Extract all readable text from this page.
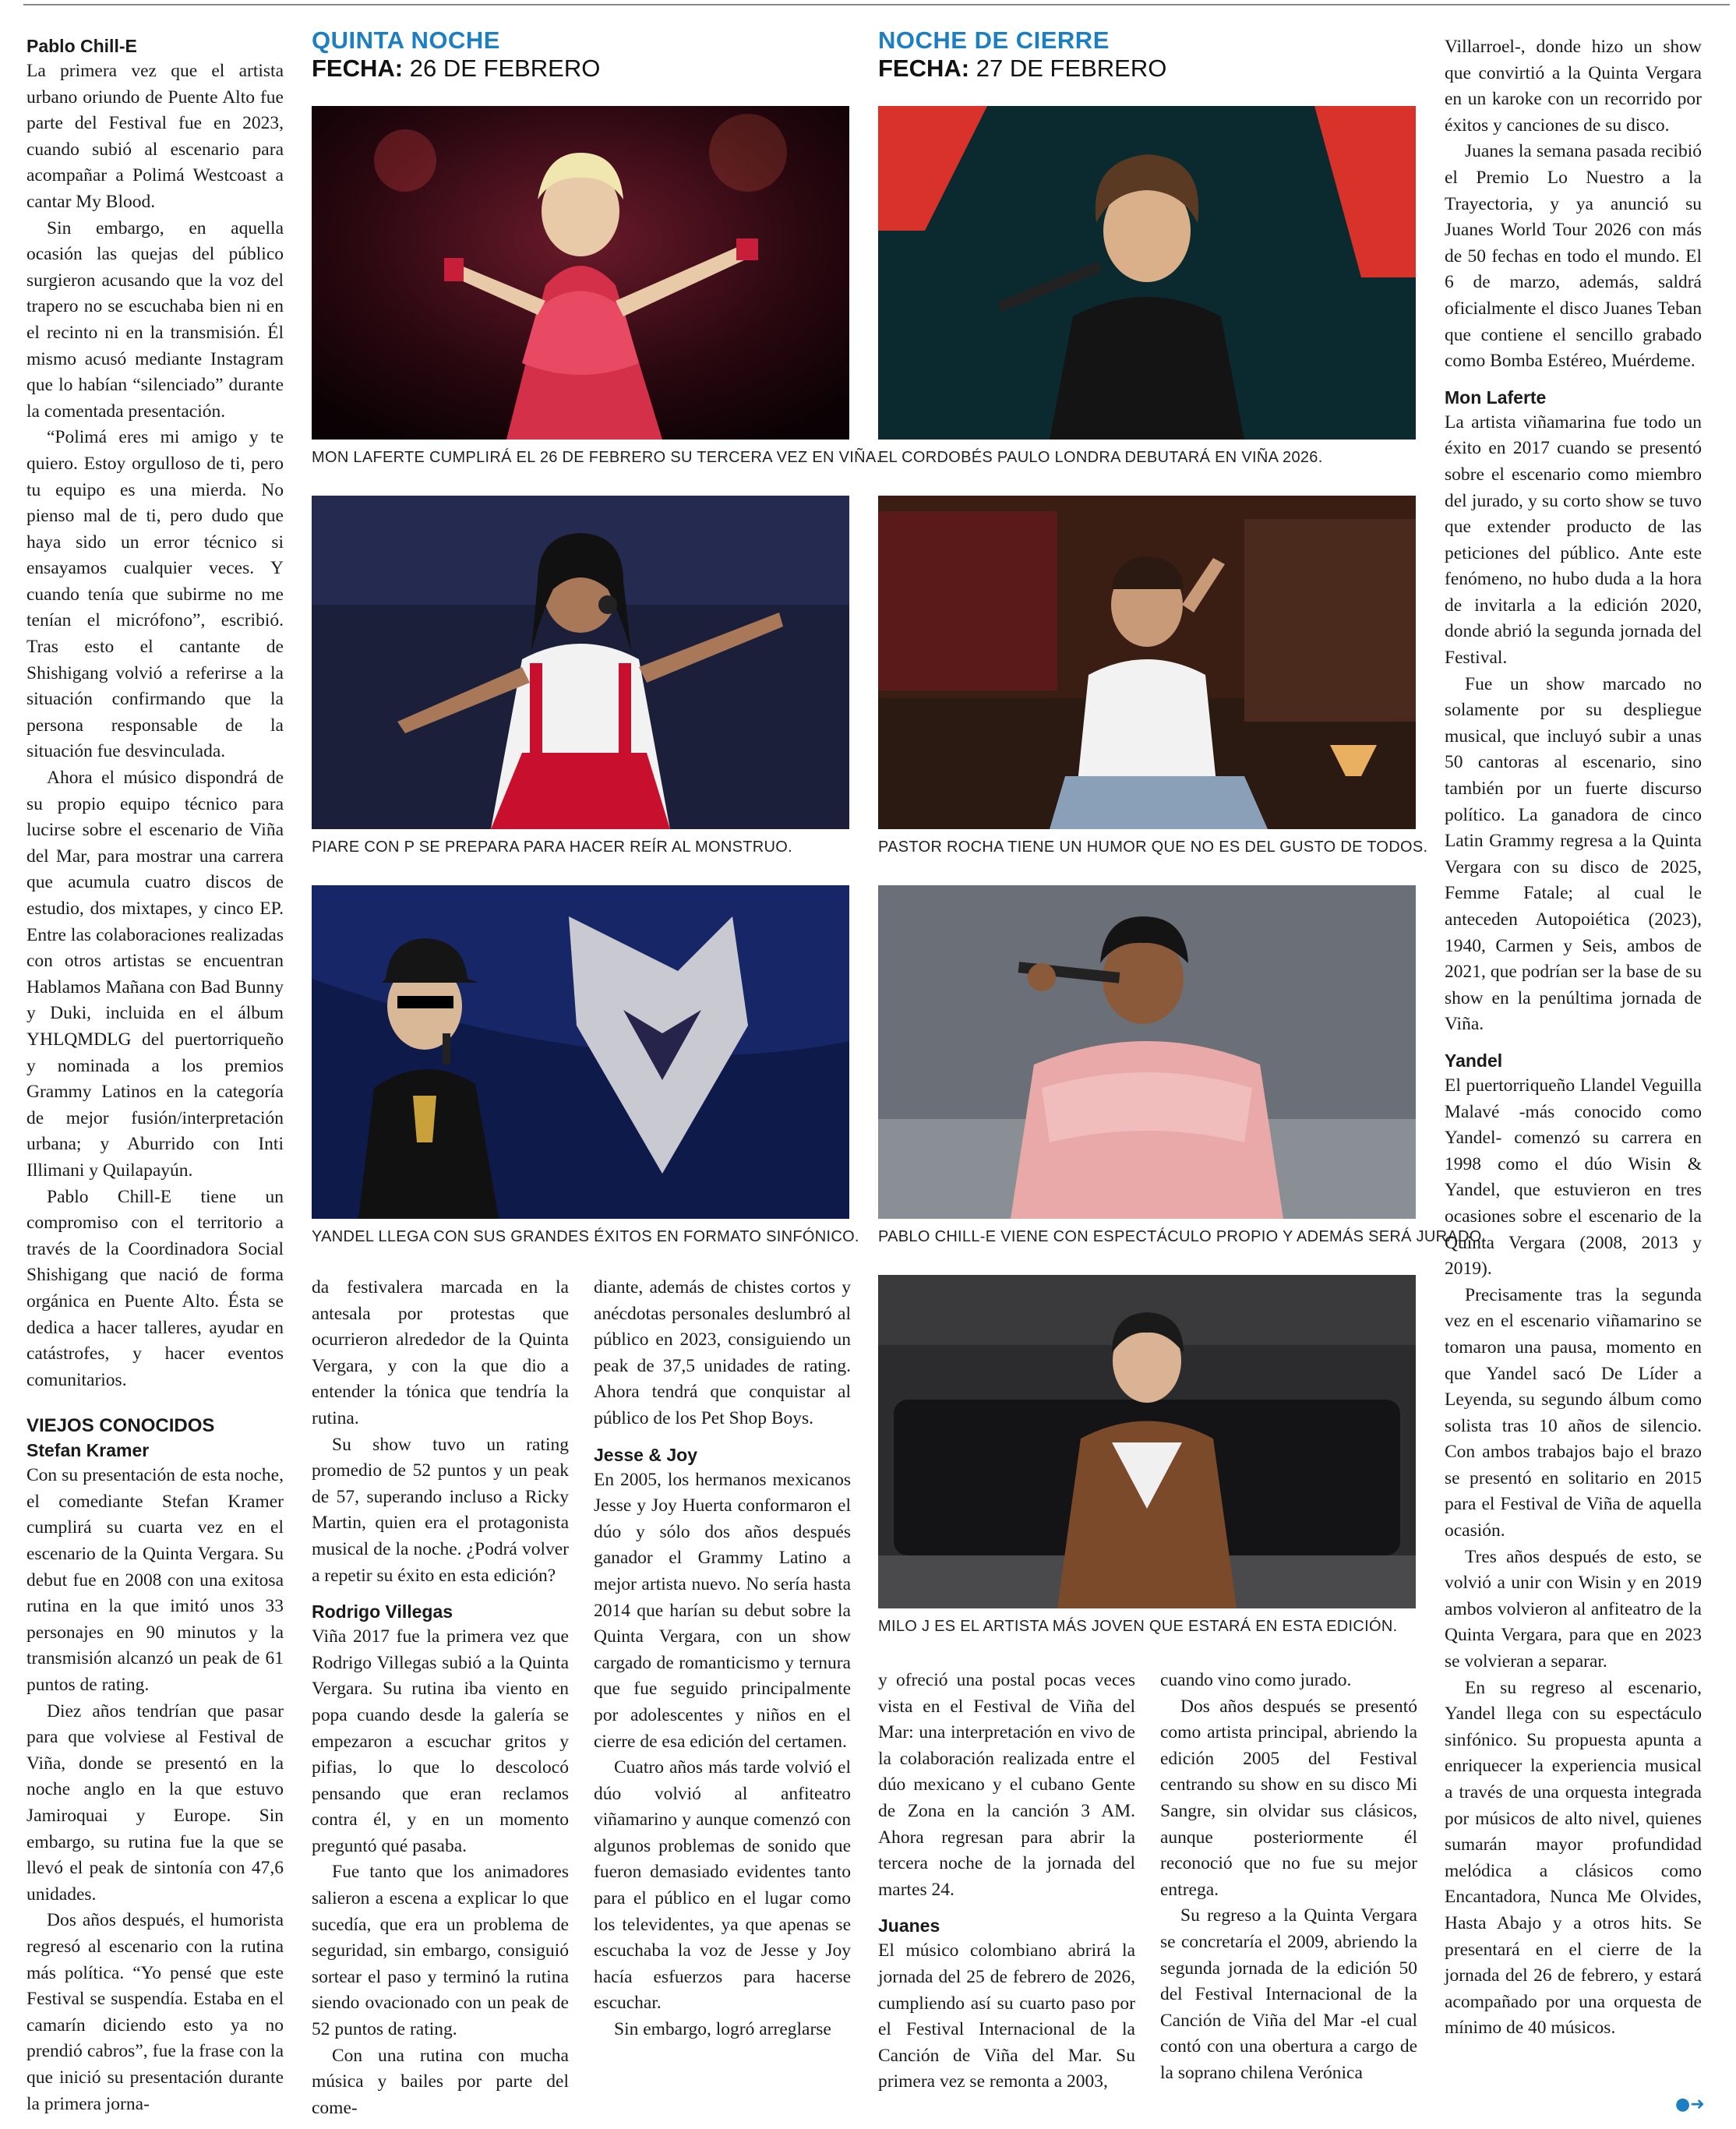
Pablo Chill-E

La primera vez que el artista urbano oriundo de Puente Alto fue parte del Festival fue en 2023, cuando subió al escenario para acompañar a Polimá Westcoast a cantar My Blood.

Sin embargo, en aquella ocasión las quejas del público surgieron acusando que la voz del trapero no se escuchaba bien ni en el recinto ni en la transmisión. Él mismo acusó mediante Instagram que lo habían “silenciado” durante la comentada presentación.

“Polimá eres mi amigo y te quiero. Estoy orgulloso de ti, pero tu equipo es una mierda. No pienso mal de ti, pero dudo que haya sido un error técnico si ensayamos cualquier veces. Y cuando tenía que subirme no me tenían el micrófono”, escribió. Tras esto el cantante de Shishigang volvió a referirse a la situación confirmando que la persona responsable de la situación fue desvinculada.

Ahora el músico dispondrá de su propio equipo técnico para lucirse sobre el escenario de Viña del Mar, para mostrar una carrera que acumula cuatro discos de estudio, dos mixtapes, y cinco EP. Entre las colaboraciones realizadas con otros artistas se encuentran Hablamos Mañana con Bad Bunny y Duki, incluida en el álbum YHLQMDLG del puertorriqueño y nominada a los premios Grammy Latinos en la categoría de mejor fusión/interpretación urbana; y Aburrido con Inti Illimani y Quilapayún.

Pablo Chill-E tiene un compromiso con el territorio a través de la Coordinadora Social Shishigang que nació de forma orgánica en Puente Alto. Ésta se dedica a hacer talleres, ayudar en catástrofes, y hacer eventos comunitarios.

VIEJOS CONOCIDOS
Stefan Kramer

Con su presentación de esta noche, el comediante Stefan Kramer cumplirá su cuarta vez en el escenario de la Quinta Vergara. Su debut fue en 2008 con una exitosa rutina en la que imitó unos 33 personajes en 90 minutos y la transmisión alcanzó un peak de 61 puntos de rating.

Diez años tendrían que pasar para que volviese al Festival de Viña, donde se presentó en la noche anglo en la que estuvo Jamiroquai y Europe. Sin embargo, su rutina fue la que se llevó el peak de sintonía con 47,6 unidades.

Dos años después, el humorista regresó al escenario con la rutina más política. “Yo pensé que este Festival se suspendía. Estaba en el camarín diciendo esto ya no prendió cabros”, fue la frase con la que inició su presentación durante la primera jorna-

QUINTA NOCHE
FECHA: 26 DE FEBRERO
NOCHE DE CIERRE
FECHA: 27 DE FEBRERO
MON LAFERTE CUMPLIRÁ EL 26 DE FEBRERO SU TERCERA VEZ EN VIÑA.
PIARE CON P SE PREPARA PARA HACER REÍR AL MONSTRUO.
YANDEL LLEGA CON SUS GRANDES ÉXITOS EN FORMATO SINFÓNICO.
EL CORDOBÉS PAULO LONDRA DEBUTARÁ EN VIÑA 2026.
PASTOR ROCHA TIENE UN HUMOR QUE NO ES DEL GUSTO DE TODOS.
PABLO CHILL-E VIENE CON ESPECTÁCULO PROPIO Y ADEMÁS SERÁ JURADO.
MILO J ES EL ARTISTA MÁS JOVEN QUE ESTARÁ EN ESTA EDICIÓN.

da festivalera marcada en la antesala por protestas que ocurrieron alrededor de la Quinta Vergara, y con la que dio a entender la tónica que tendría la rutina.

Su show tuvo un rating promedio de 52 puntos y un peak de 57, superando incluso a Ricky Martin, quien era el protagonista musical de la noche. ¿Podrá volver a repetir su éxito en esta edición?

Rodrigo Villegas

Viña 2017 fue la primera vez que Rodrigo Villegas subió a la Quinta Vergara. Su rutina iba viento en popa cuando desde la galería se empezaron a escuchar gritos y pifias, lo que lo descolocó pensando que eran reclamos contra él, y en un momento preguntó qué pasaba.

Fue tanto que los animadores salieron a escena a explicar lo que sucedía, que era un problema de seguridad, sin embargo, consiguió sortear el paso y terminó la rutina siendo ovacionado con un peak de 52 puntos de rating.

Con una rutina con mucha música y bailes por parte del come-

diante, además de chistes cortos y anécdotas personales deslumbró al público en 2023, consiguiendo un peak de 37,5 unidades de rating. Ahora tendrá que conquistar al público de los Pet Shop Boys.

Jesse & Joy

En 2005, los hermanos mexicanos Jesse y Joy Huerta conformaron el dúo y sólo dos años después ganador el Grammy Latino a mejor artista nuevo. No sería hasta 2014 que harían su debut sobre la Quinta Vergara, con un show cargado de romanticismo y ternura que fue seguido principalmente por adolescentes y niños en el cierre de esa edición del certamen.

Cuatro años más tarde volvió el dúo volvió al anfiteatro viñamarino y aunque comenzó con algunos problemas de sonido que fueron demasiado evidentes tanto para el público en el lugar como los televidentes, ya que apenas se escuchaba la voz de Jesse y Joy hacía esfuerzos para hacerse escuchar.

Sin embargo, logró arreglarse

y ofreció una postal pocas veces vista en el Festival de Viña del Mar: una interpretación en vivo de la colaboración realizada entre el dúo mexicano y el cubano Gente de Zona en la canción 3 AM. Ahora regresan para abrir la tercera noche de la jornada del martes 24.

Juanes

El músico colombiano abrirá la jornada del 25 de febrero de 2026, cumpliendo así su cuarto paso por el Festival Internacional de la Canción de Viña del Mar. Su primera vez se remonta a 2003,

cuando vino como jurado.

Dos años después se presentó como artista principal, abriendo la edición 2005 del Festival centrando su show en su disco Mi Sangre, sin olvidar sus clásicos, aunque posteriormente él reconoció que no fue su mejor entrega.

Su regreso a la Quinta Vergara se concretaría el 2009, abriendo la segunda jornada de la edición 50 del Festival Internacional de la Canción de Viña del Mar -el cual contó con una obertura a cargo de la soprano chilena Verónica

Villarroel-, donde hizo un show que convirtió a la Quinta Vergara en un karoke con un recorrido por éxitos y canciones de su disco.

Juanes la semana pasada recibió el Premio Lo Nuestro a la Trayectoria, y ya anunció su Juanes World Tour 2026 con más de 50 fechas en todo el mundo. El 6 de marzo, además, saldrá oficialmente el disco Juanes Teban que contiene el sencillo grabado como Bomba Estéreo, Muérdeme.

Mon Laferte

La artista viñamarina fue todo un éxito en 2017 cuando se presentó sobre el escenario como miembro del jurado, y su corto show se tuvo que extender producto de las peticiones del público. Ante este fenómeno, no hubo duda a la hora de invitarla a la edición 2020, donde abrió la segunda jornada del Festival.

Fue un show marcado no solamente por su despliegue musical, que incluyó subir a unas 50 cantoras al escenario, sino también por un fuerte discurso político. La ganadora de cinco Latin Grammy regresa a la Quinta Vergara con su disco de 2025, Femme Fatale; al cual le anteceden Autopoiética (2023), 1940, Carmen y Seis, ambos de 2021, que podrían ser la base de su show en la penúltima jornada de Viña.

Yandel

El puertorriqueño Llandel Veguilla Malavé -más conocido como Yandel- comenzó su carrera en 1998 como el dúo Wisin & Yandel, que estuvieron en tres ocasiones sobre el escenario de la Quinta Vergara (2008, 2013 y 2019).

Precisamente tras la segunda vez en el escenario viñamarino se tomaron una pausa, momento en que Yandel sacó De Líder a Leyenda, su segundo álbum como solista tras 10 años de silencio. Con ambos trabajos bajo el brazo se presentó en solitario en 2015 para el Festival de Viña de aquella ocasión.

Tres años después de esto, se volvió a unir con Wisin y en 2019 ambos volvieron al anfiteatro de la Quinta Vergara, para que en 2023 se volvieran a separar.

En su regreso al escenario, Yandel llega con su espectáculo sinfónico. Su propuesta apunta a enriquecer la experiencia musical a través de una orquesta integrada por músicos de alto nivel, quienes sumarán mayor profundidad melódica a clásicos como Encantadora, Nunca Me Olvides, Hasta Abajo y a otros hits. Se presentará en el cierre de la jornada del 26 de febrero, y estará acompañado por una orquesta de mínimo de 40 músicos.

●➜
